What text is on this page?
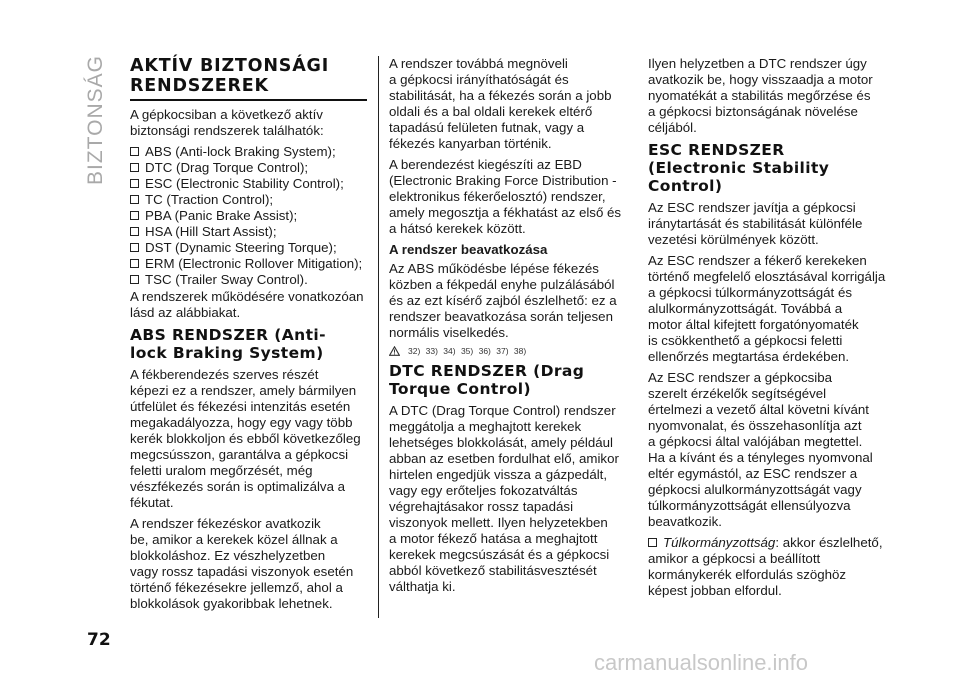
BIZTONSÁG AKTÍV BIZTONSÁGI
RENDSZEREK

A gépkocsiban a következő aktív
biztonsági rendszerek találhatók:

ABS (Anti-lock Braking System);
DTC (Drag Torque Control);
ESC (Electronic Stability Control);
TC (Traction Control);
PBA (Panic Brake Assist);
HSA (Hill Start Assist);
DST (Dynamic Steering Torque);
ERM (Electronic Rollover Mitigation);
TSC (Trailer Sway Control).

A rendszerek működésére vonatkozóan
lásd az alábbiakat.

ABS RENDSZER (Anti-
lock Braking System)

A fékberendezés szerves részét
képezi ez a rendszer, amely bármilyen
útfelület és fékezési intenzitás esetén
megakadályozza, hogy egy vagy több
kerék blokkoljon és ebből következőleg
megcsússzon, garantálva a gépkocsi
feletti uralom megőrzését, még
vészfékezés során is optimalizálva a
fékutat.

A rendszer fékezéskor avatkozik
be, amikor a kerekek közel állnak a
blokkoláshoz. Ez vészhelyzetben
vagy rossz tapadási viszonyok esetén
történő fékezésekre jellemző, ahol a
blokkolások gyakoribbak lehetnek.

A rendszer továbbá megnöveli
a gépkocsi irányíthatóságát és
stabilitását, ha a fékezés során a jobb
oldali és a bal oldali kerekek eltérő
tapadású felületen futnak, vagy a
fékezés kanyarban történik.

A berendezést kiegészíti az EBD
(Electronic Braking Force Distribution -
elektronikus fékerőelosztó) rendszer,
amely megosztja a fékhatást az első és
a hátsó kerekek között.

A rendszer beavatkozása

Az ABS működésbe lépése fékezés
közben a fékpedál enyhe pulzálásából
és az ezt kísérő zajból észlelhető: ez a
rendszer beavatkozása során teljesen
normális viselkedés.

32) 33) 34) 35) 36) 37) 38)
DTC RENDSZER (Drag
Torque Control)

A DTC (Drag Torque Control) rendszer
meggátolja a meghajtott kerekek
lehetséges blokkolását, amely például
abban az esetben fordulhat elő, amikor
hirtelen engedjük vissza a gázpedált,
vagy egy erőteljes fokozatváltás
végrehajtásakor rossz tapadási
viszonyok mellett. Ilyen helyzetekben
a motor fékező hatása a meghajtott
kerekek megcsúszását és a gépkocsi
abból következő stabilitásvesztését
válthatja ki.

Ilyen helyzetben a DTC rendszer úgy
avatkozik be, hogy visszaadja a motor
nyomatékát a stabilitás megőrzése és
a gépkocsi biztonságának növelése
céljából.

ESC RENDSZER
(Electronic Stability
Control)

Az ESC rendszer javítja a gépkocsi
iránytartását és stabilitását különféle
vezetési körülmények között.

Az ESC rendszer a fékerő kerekeken
történő megfelelő elosztásával korrigálja
a gépkocsi túlkormányzottságát és
alulkormányzottságát. Továbbá a
motor által kifejtett forgatónyomaték
is csökkenthető a gépkocsi feletti
ellenőrzés megtartása érdekében.

Az ESC rendszer a gépkocsiba
szerelt érzékelők segítségével
értelmezi a vezető által követni kívánt
nyomvonalat, és összehasonlítja azt
a gépkocsi által valójában megtettel.
Ha a kívánt és a tényleges nyomvonal
eltér egymástól, az ESC rendszer a
gépkocsi alulkormányzottságát vagy
túlkormányzottságát ellensúlyozva
beavatkozik.

Túlkormányzottság: akkor észlelhető,
amikor a gépkocsi a beállított
kormánykerék elfordulás szöghöz
képest jobban elfordul.

72
carmanualsonline.info
